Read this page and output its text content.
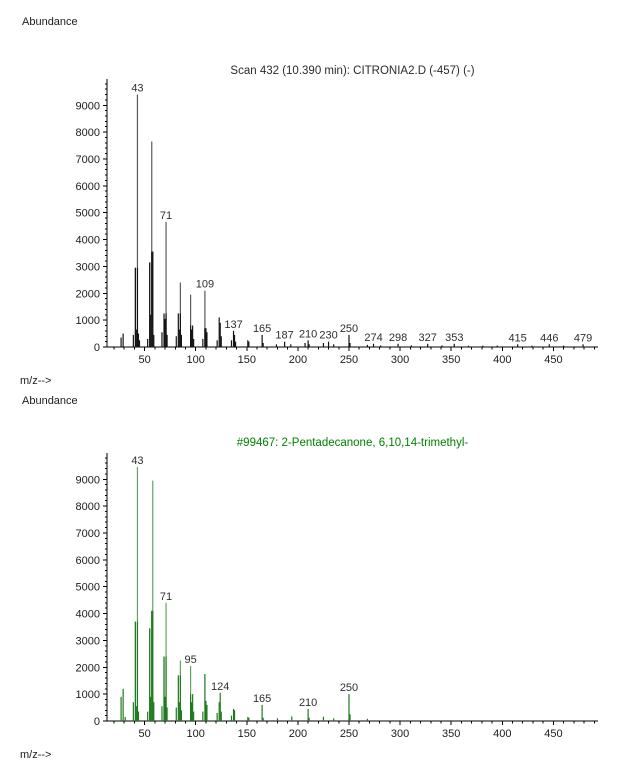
Abundance
Scan 432 (10.390 min): CITRONIA2.D (-457) (-)
0
1000
2000
3000
4000
5000
6000
7000
8000
9000
50	100	150	200	250	300	350	400	450
43
71
109
137 165
187 210 230
250
274 298 327 353	415 446 479
m/z-->
Abundance
#99467: 2-Pentadecanone, 6,10,14-trimethyl-
0
1000
2000
3000
4000
5000
6000
7000
8000
9000
50	100	150	200	250	300	350	400	450
43
71
95
124
165	210
250
m/z-->
